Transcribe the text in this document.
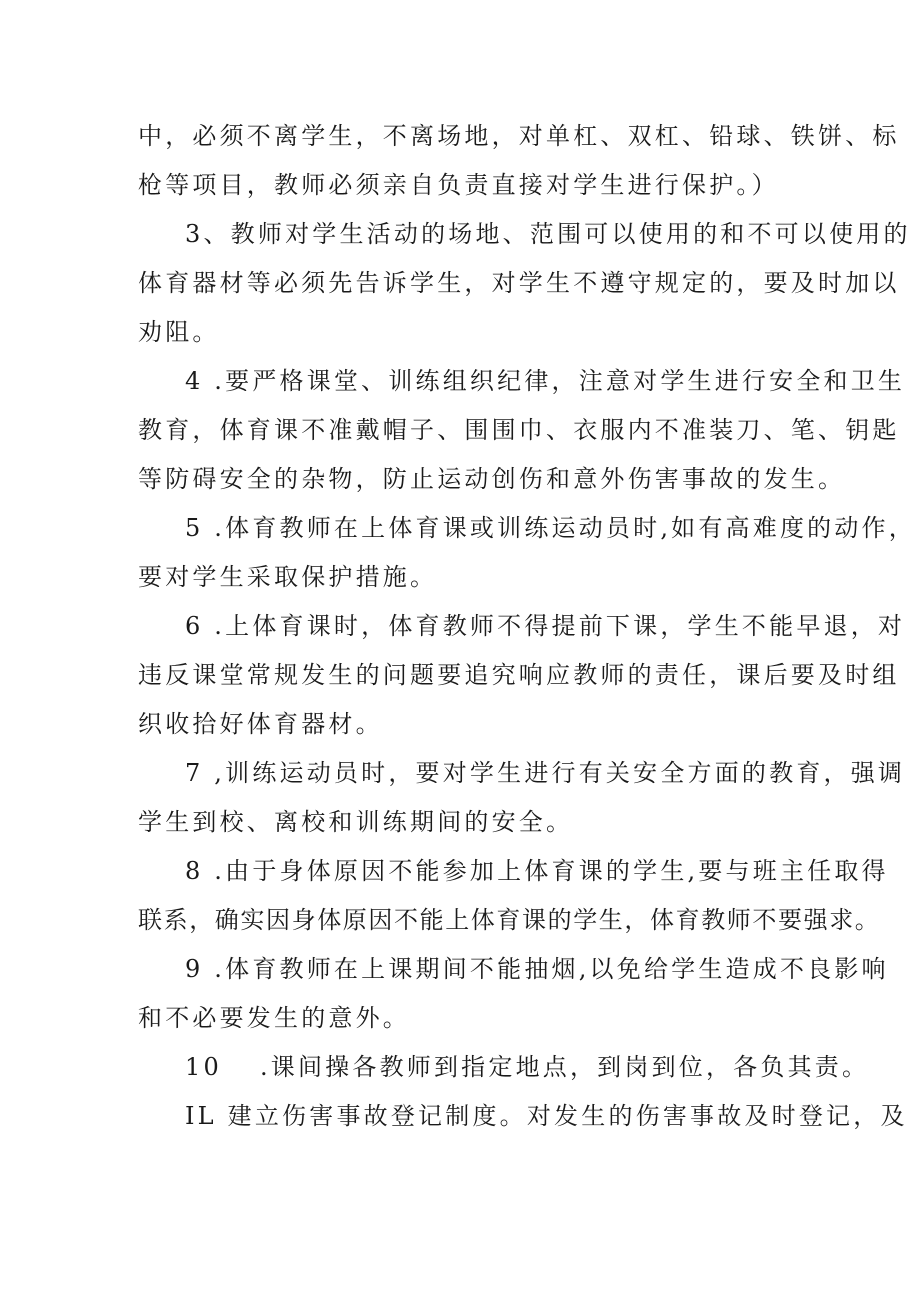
中，必须不离学生，不离场地，对单杠、双杠、铅球、铁饼、标
枪等项目，教师必须亲自负责直接对学生进行保护。）
3、教师对学生活动的场地、范围可以使用的和不可以使用的
体育器材等必须先告诉学生，对学生不遵守规定的，要及时加以
劝阻。
4 .要严格课堂、训练组织纪律，注意对学生进行安全和卫生
教育，体育课不准戴帽子、围围巾、衣服内不准装刀、笔、钥匙
等防碍安全的杂物，防止运动创伤和意外伤害事故的发生。
5 .体育教师在上体育课或训练运动员时,如有高难度的动作，
要对学生采取保护措施。
6 .上体育课时，体育教师不得提前下课，学生不能早退，对
违反课堂常规发生的问题要追究响应教师的责任，课后要及时组
织收拾好体育器材。
7 ,训练运动员时，要对学生进行有关安全方面的教育，强调
学生到校、离校和训练期间的安全。
8 .由于身体原因不能参加上体育课的学生,要与班主任取得
联系，确实因身体原因不能上体育课的学生，体育教师不要强求。
9 .体育教师在上课期间不能抽烟,以免给学生造成不良影响
和不必要发生的意外。
10 .课间操各教师到指定地点，到岗到位，各负其责。
IL 建立伤害事故登记制度。对发生的伤害事故及时登记，及
